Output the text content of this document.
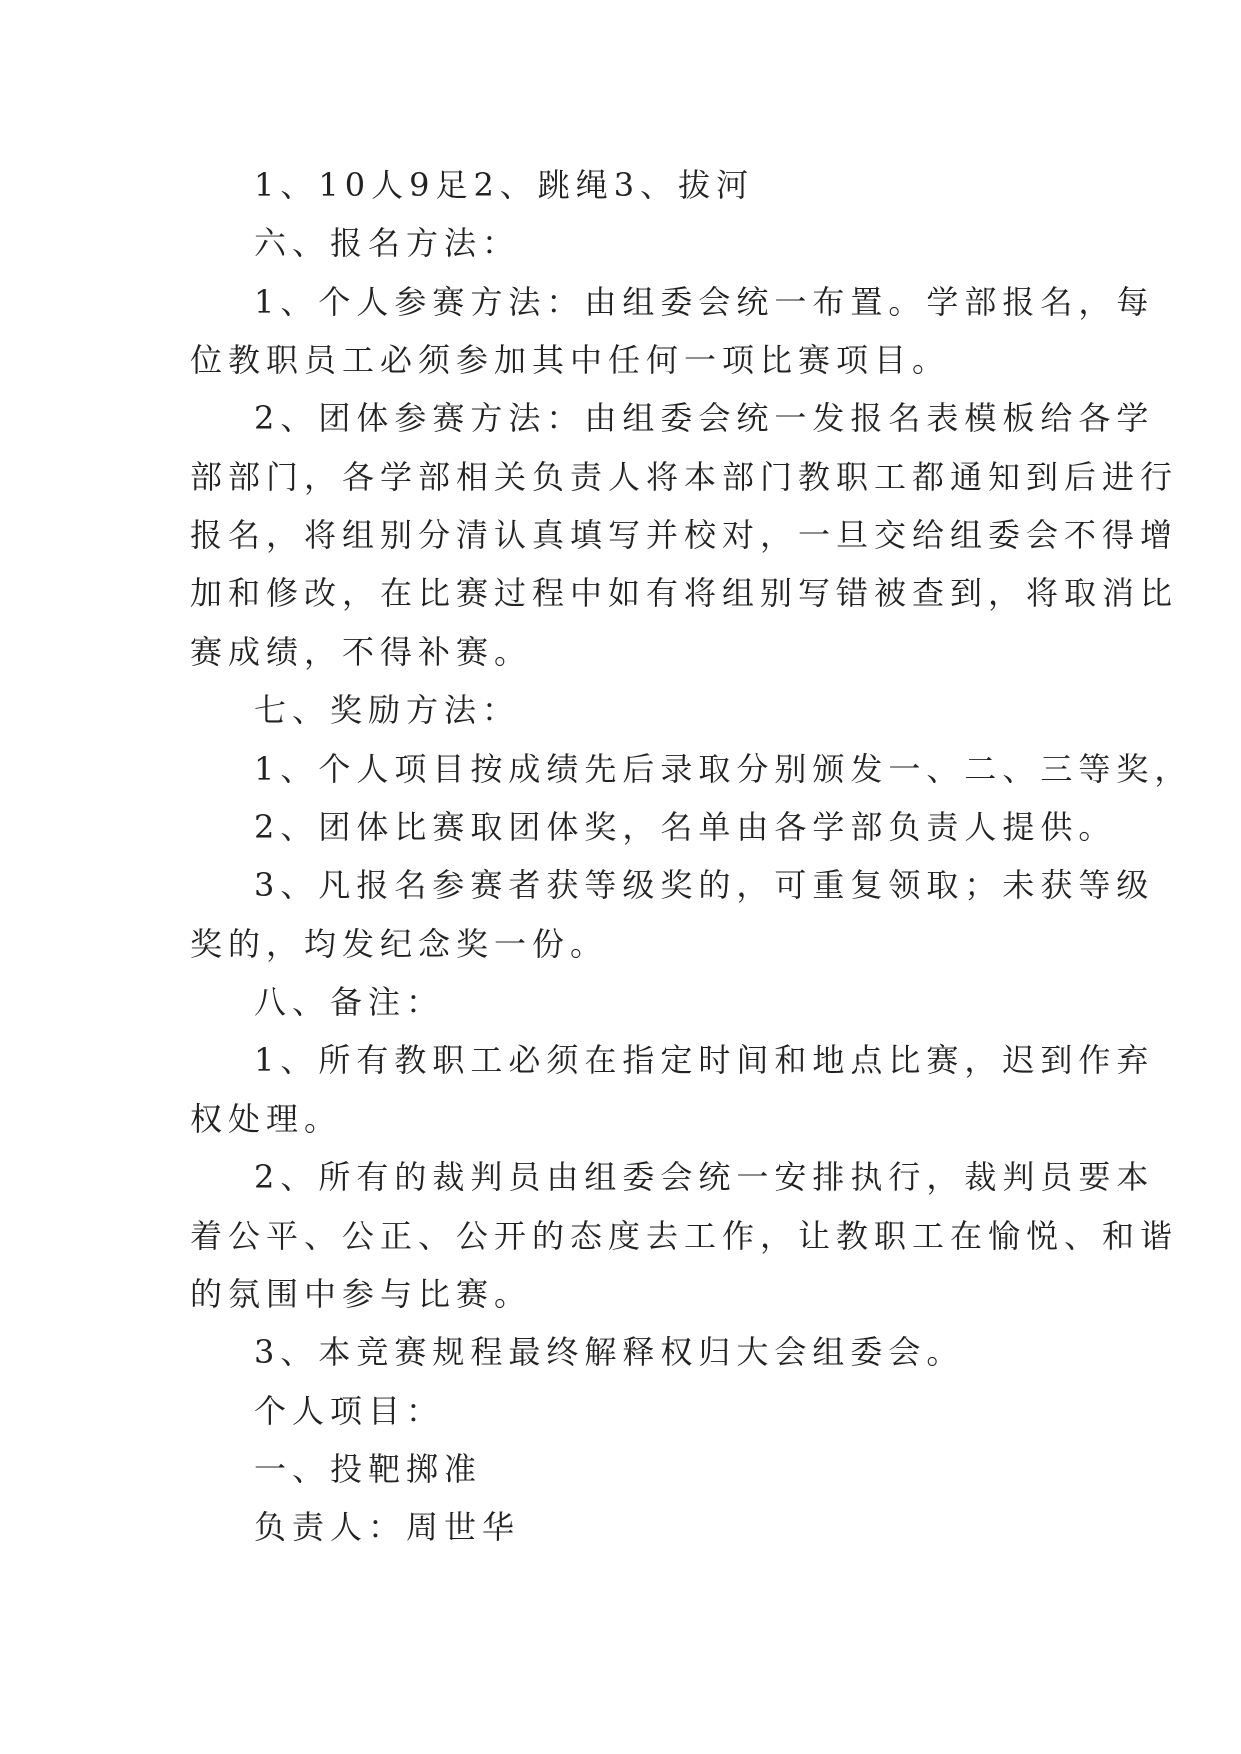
1、10人9足2、跳绳3、拔河
六、报名方法：
1、个人参赛方法：由组委会统一布置。学部报名，每
位教职员工必须参加其中任何一项比赛项目。
2、团体参赛方法：由组委会统一发报名表模板给各学
部部门，各学部相关负责人将本部门教职工都通知到后进行
报名，将组别分清认真填写并校对，一旦交给组委会不得增
加和修改，在比赛过程中如有将组别写错被查到，将取消比
赛成绩，不得补赛。
七、奖励方法：
1、个人项目按成绩先后录取分别颁发一、二、三等奖，
2、团体比赛取团体奖，名单由各学部负责人提供。
3、凡报名参赛者获等级奖的，可重复领取；未获等级
奖的，均发纪念奖一份。
八、备注：
1、所有教职工必须在指定时间和地点比赛，迟到作弃
权处理。
2、所有的裁判员由组委会统一安排执行，裁判员要本
着公平、公正、公开的态度去工作，让教职工在愉悦、和谐
的氛围中参与比赛。
3、本竞赛规程最终解释权归大会组委会。
个人项目：
一、投靶掷准
负责人：周世华
